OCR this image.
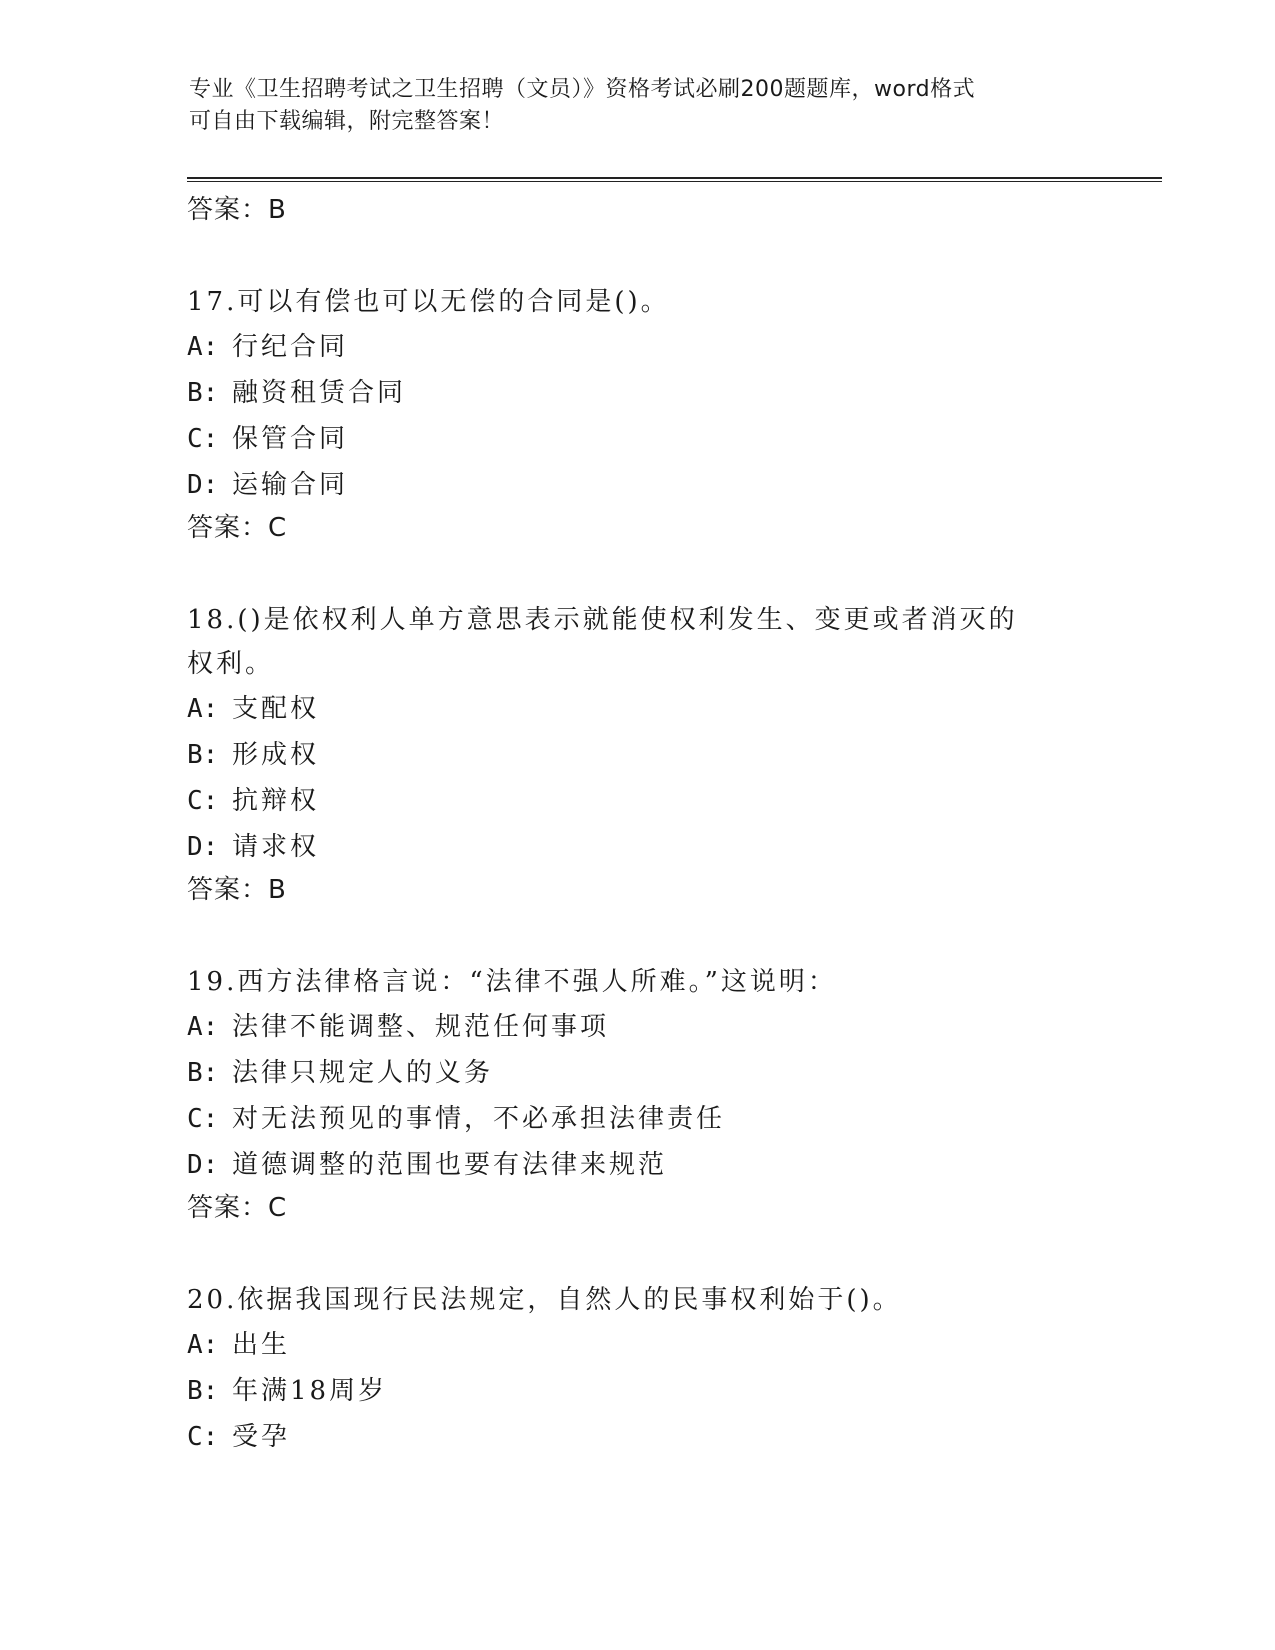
专业《卫生招聘考试之卫生招聘（文员）》资格考试必刷200题题库，word格式
可自由下载编辑，附完整答案！
答案：B

17.可以有偿也可以无偿的合同是()。

A: 行纪合同
B: 融资租赁合同
C: 保管合同
D: 运输合同
答案：C

18.()是依权利人单方意思表示就能使权利发生、变更或者消灭的权利。

A: 支配权
B: 形成权
C: 抗辩权
D: 请求权
答案：B

19.西方法律格言说：“法律不强人所难。”这说明：

A: 法律不能调整、规范任何事项
B: 法律只规定人的义务
C: 对无法预见的事情，不必承担法律责任
D: 道德调整的范围也要有法律来规范
答案：C

20.依据我国现行民法规定，自然人的民事权利始于()。

A: 出生
B: 年满18周岁
C: 受孕
